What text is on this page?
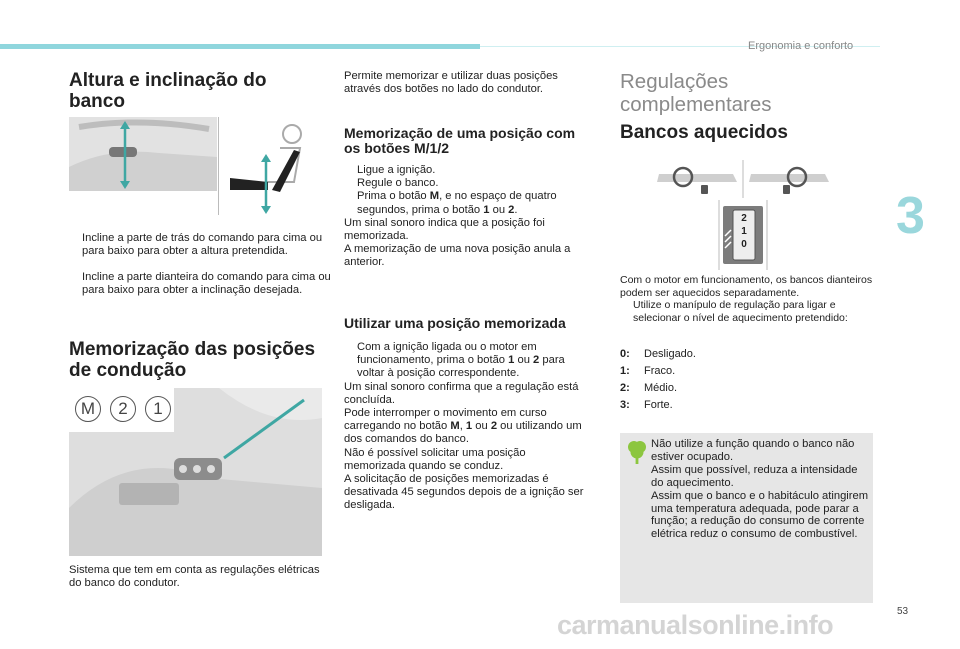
Ergonomia e conforto
3
53
Altura e inclinação do banco
Incline a parte de trás do comando para cima ou para baixo para obter a altura pretendida.
Incline a parte dianteira do comando para cima ou para baixo para obter a inclinação desejada.
Memorização das posições de condução
M	2	1
Sistema que tem em conta as regulações elétricas do banco do condutor.
Permite memorizar e utilizar duas posições através dos botões no lado do condutor.
Memorização de uma posição com os botões M/1/2
Ligue a ignição.
Regule o banco.
Prima o botão M, e no espaço de quatro segundos, prima o botão 1 ou 2.
Um sinal sonoro indica que a posição foi memorizada.
A memorização de uma nova posição anula a anterior.
Utilizar uma posição memorizada
Com a ignição ligada ou o motor em funcionamento, prima o botão 1 ou 2 para voltar à posição correspondente.
Um sinal sonoro confirma que a regulação está concluída.
Pode interromper o movimento em curso carregando no botão M, 1 ou 2 ou utilizando um dos comandos do banco.
Não é possível solicitar uma posição memorizada quando se conduz.
A solicitação de posições memorizadas é desativada 45 segundos depois de a ignição ser desligada.
Regulações
complementares
Bancos aquecidos
2
1
0
Com o motor em funcionamento, os bancos dianteiros podem ser aquecidos separadamente.
Utilize o manípulo de regulação para ligar e selecionar o nível de aquecimento pretendido:
0: Desligado.
1: Fraco.
2: Médio.
3: Forte.
Não utilize a função quando o banco não estiver ocupado.
Assim que possível, reduza a intensidade do aquecimento.
Assim que o banco e o habitáculo atingirem uma temperatura adequada, pode parar a função; a redução do consumo de corrente elétrica reduz o consumo de combustível.
carmanualsonline.info
